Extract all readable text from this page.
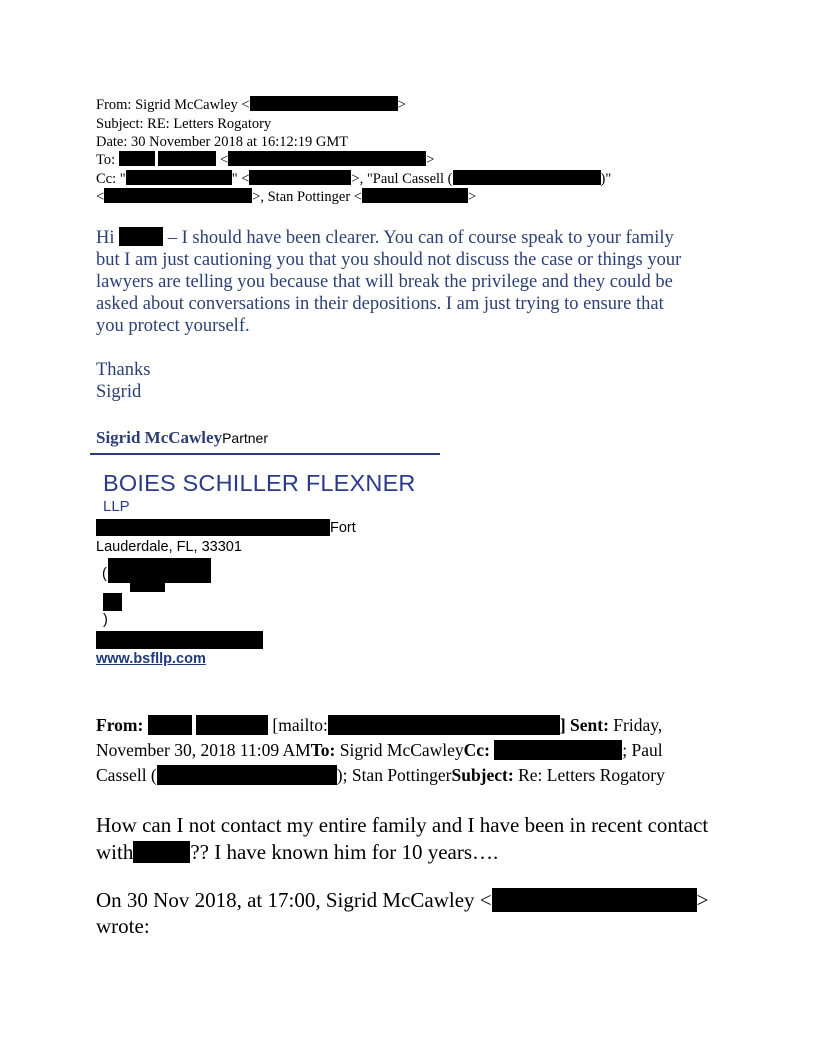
From: Sigrid McCawley <	>
Subject: RE: Letters Rogatory
Date: 30 November 2018 at 16:12:19 GMT
To:	<	>
Cc: "	" <	>, "Paul Cassell (	)"
<	>, Stan Pottinger <	>
Hi	– I should have been clearer. You can of course speak to your family
but I am just cautioning you that you should not discuss the case or things your
lawyers are telling you because that will break the privilege and they could be
asked about conversations in their depositions. I am just trying to ensure that
you protect yourself.
Thanks
Sigrid
Sigrid McCawleyPartner
BOIES SCHILLER FLEXNER
LLP
Fort
Lauderdale, FL, 33301
(
)
www.bsfllp.com
From:	[mailto:	] Sent: Friday,
November 30, 2018 11:09 AMTo: Sigrid McCawleyCc:	; Paul
Cassell (	); Stan PottingerSubject: Re: Letters Rogatory
How can I not contact my entire family and I have been in recent contact
with	?? I have known him for 10 years….
On 30 Nov 2018, at 17:00, Sigrid McCawley <	>
wrote:
